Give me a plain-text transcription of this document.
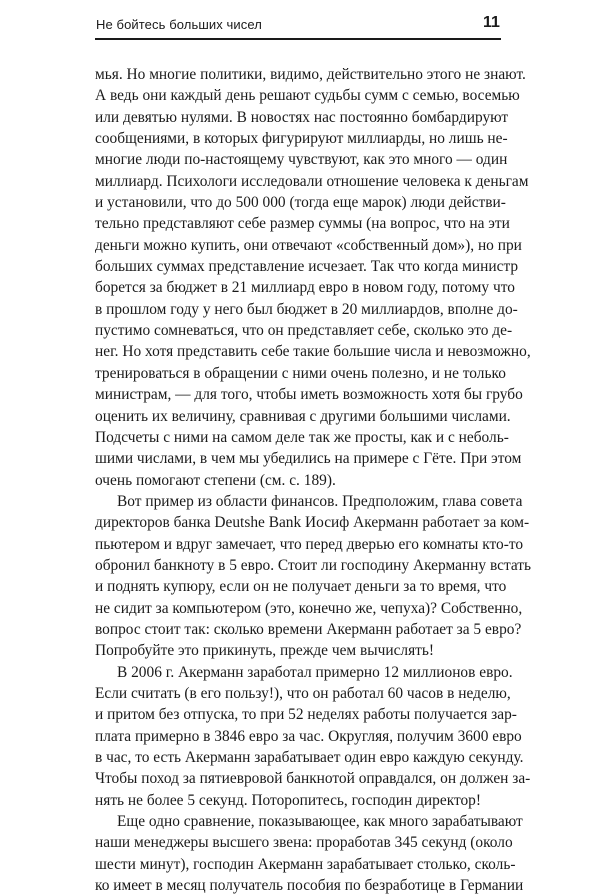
Не бойтесь больших чисел	11
мья. Но многие политики, видимо, действительно этого не знают.
А ведь они каждый день решают судьбы сумм с семью, восемью
или девятью нулями. В новостях нас постоянно бомбардируют
сообщениями, в которых фигурируют миллиарды, но лишь не-
многие люди по-настоящему чувствуют, как это много — один
миллиард. Психологи исследовали отношение человека к деньгам
и установили, что до 500 000 (тогда еще марок) люди действи-
тельно представляют себе размер суммы (на вопрос, что на эти
деньги можно купить, они отвечают «собственный дом»), но при
больших суммах представление исчезает. Так что когда министр
борется за бюджет в 21 миллиард евро в новом году, потому что
в прошлом году у него был бюджет в 20 миллиардов, вполне до-
пустимо сомневаться, что он представляет себе, сколько это де-
нег. Но хотя представить себе такие большие числа и невозможно,
тренироваться в обращении с ними очень полезно, и не только
министрам, — для того, чтобы иметь возможность хотя бы грубо
оценить их величину, сравнивая с другими большими числами.
Подсчеты с ними на самом деле так же просты, как и с неболь-
шими числами, в чем мы убедились на примере с Гёте. При этом
очень помогают степени (см. с. 189).
Вот пример из области финансов. Предположим, глава совета
директоров банка Deutshe Bank Иосиф Акерманн работает за ком-
пьютером и вдруг замечает, что перед дверью его комнаты кто-то
обронил банкноту в 5 евро. Стоит ли господину Акерманну встать
и поднять купюру, если он не получает деньги за то время, что
не сидит за компьютером (это, конечно же, чепуха)? Собственно,
вопрос стоит так: сколько времени Акерманн работает за 5 евро?
Попробуйте это прикинуть, прежде чем вычислять!
В 2006 г. Акерманн заработал примерно 12 миллионов евро.
Если считать (в его пользу!), что он работал 60 часов в неделю,
и притом без отпуска, то при 52 неделях работы получается зар-
плата примерно в 3846 евро за час. Округляя, получим 3600 евро
в час, то есть Акерманн зарабатывает один евро каждую секунду.
Чтобы поход за пятиевровой банкнотой оправдался, он должен за-
нять не более 5 секунд. Поторопитесь, господин директор!
Еще одно сравнение, показывающее, как много зарабатывают
наши менеджеры высшего звена: проработав 345 секунд (около
шести минут), господин Акерманн зарабатывает столько, сколь-
ко имеет в месяц получатель пособия по безработице в Германии
